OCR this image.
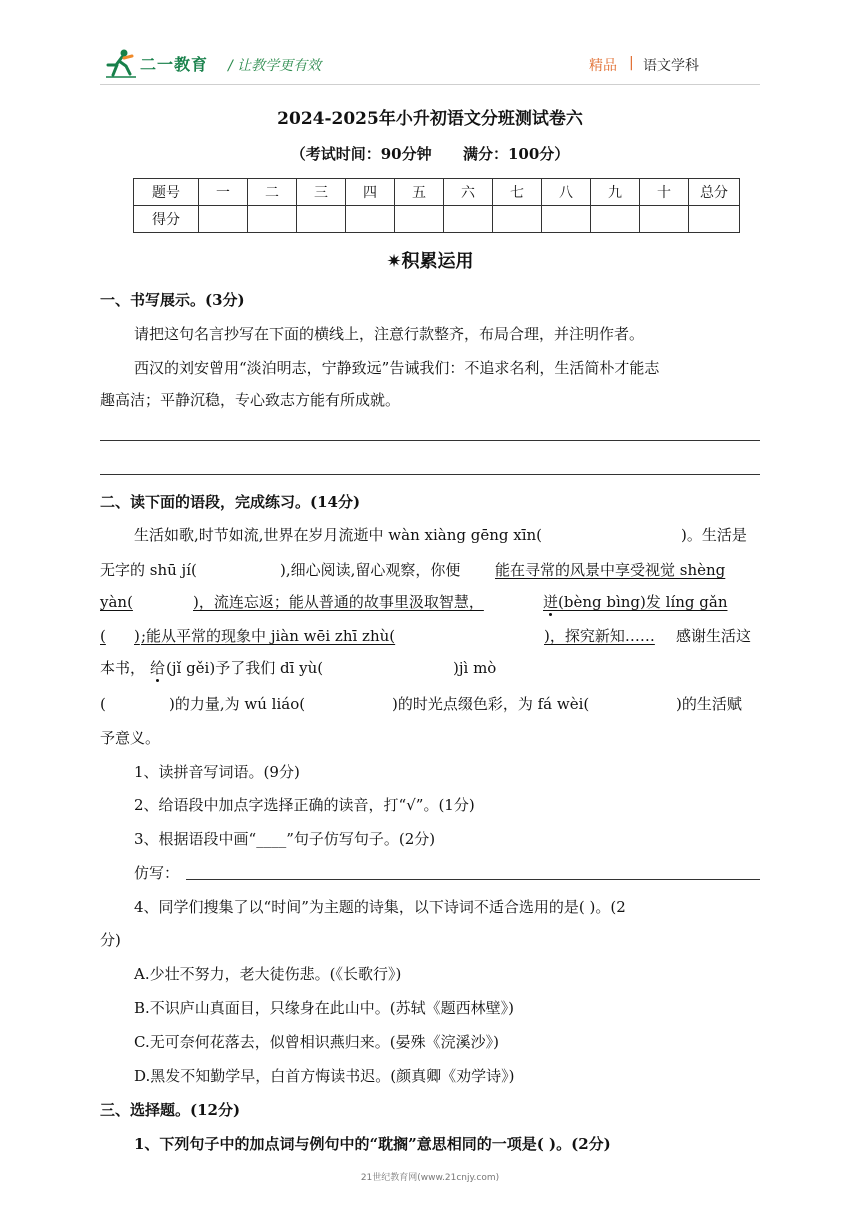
二一教育 / 让教学更有效	精品 | 语文学科
2024-2025年小升初语文分班测试卷六
（考试时间：90分钟      满分：100分）
题号	一	二	三	四	五	六	七	八	九	十	总分
得分											
✷积累运用
一、书写展示。(3分)
请把这句名言抄写在下面的横线上，注意行款整齐，布局合理，并注明作者。
西汉的刘安曾用“淡泊明志，宁静致远”告诫我们：不追求名利，生活简朴才能志
趣高洁；平静沉稳，专心致志方能有所成就。
二、读下面的语段，完成练习。(14分)
生活如歌,时节如流,世界在岁月流逝中 wàn xiàng gēng xīn(	)。生活是
无字的 shū jí(	),细心阅读,留心观察，你便 能在寻常的风景中享受视觉 shèng
yàn(	)，流连忘返；能从普通的故事里汲取智慧，	迸 (bèng bìng)发 líng gǎn
( ) ;能从平常的现象中 jiàn wēi zhī zhù(	)，探究新知…… 感谢生活这
本书， 给 (jǐ gěi)予了我们 dī yù(	)jì mò
(	)的力量,为 wú liáo(	)的时光点缀色彩，为 fá wèi(	)的生活赋
予意义。
1、读拼音写词语。(9分)
2、给语段中加点字选择正确的读音，打“√”。(1分)
3、根据语段中画“____”句子仿写句子。(2分)
仿写：
4、同学们搜集了以“时间”为主题的诗集，以下诗词不适合选用的是( )。(2
分)
A.少壮不努力，老大徒伤悲。(《长歌行》)
B.不识庐山真面目，只缘身在此山中。(苏轼《题西林壁》)
C.无可奈何花落去，似曾相识燕归来。(晏殊《浣溪沙》)
D.黑发不知勤学早，白首方悔读书迟。(颜真卿《劝学诗》)
三、选择题。(12分)
1、下列句子中的加点词与例句中的“耽搁”意思相同的一项是( )。(2分)
21世纪教育网(www.21cnjy.com)
